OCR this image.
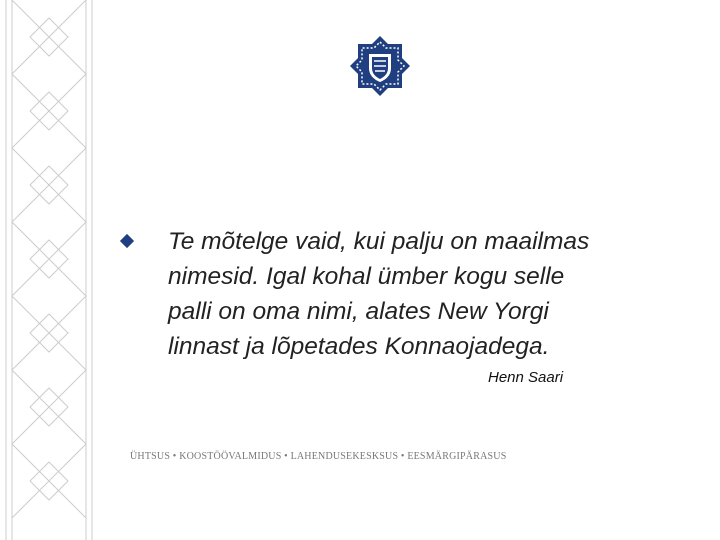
Te mõtelge vaid, kui palju on maailmas
nimesid. Igal kohal ümber kogu selle
palli on oma nimi, alates New Yorgi
linnast ja lõpetades Konnaojadega.
Henn Saari
ÜHTSUS • KOOSTÖÖVALMIDUS • LAHENDUSEKESKSUS • EESMÄRGIPÄRASUS
